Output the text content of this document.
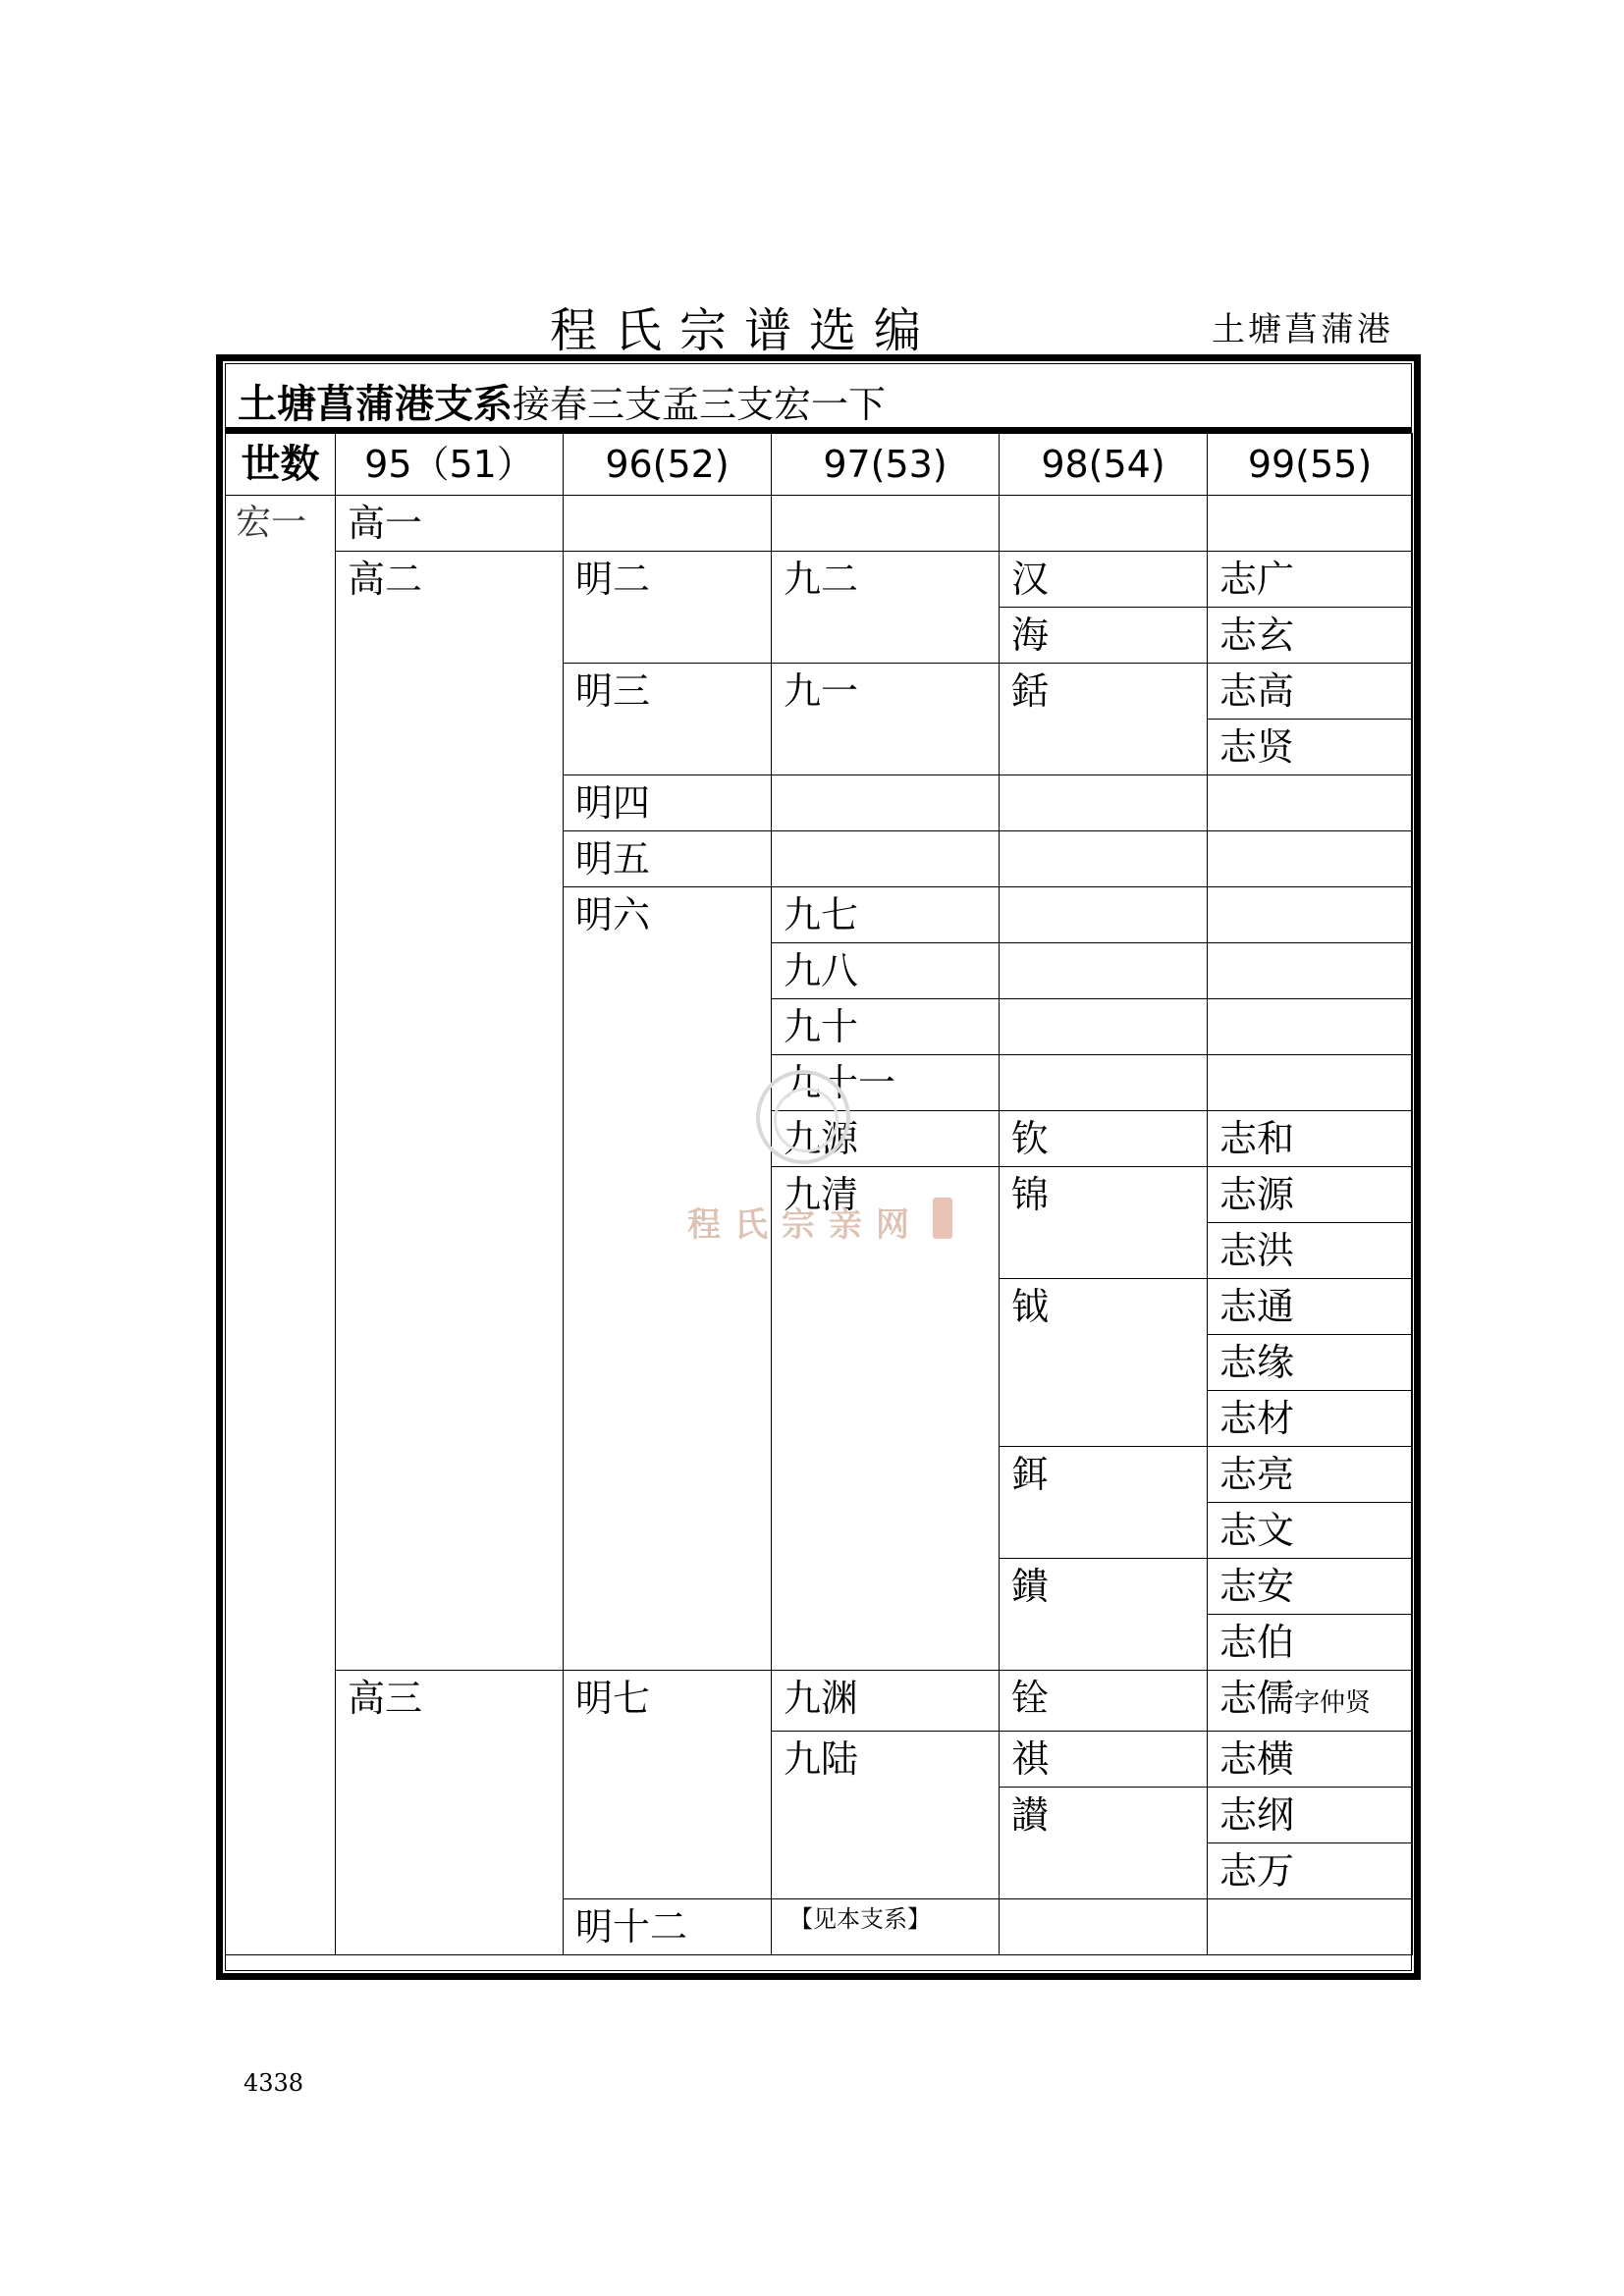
程氏宗谱选编	土塘菖蒲港
土塘菖蒲港支系接春三支孟三支宏一下
世数	95（51）	96(52)	97(53)	98(54)	99(55)
宏一	高一				
	高二	明二	九二	汉	志广
				海	志玄
		明三	九一	銛	志高
					志贤
		明四			
		明五			
		明六	九七		
			九八		
			九十		
			九十一		
			九源	钦	志和
			九清	锦	志源
					志洪
				钺	志通
					志缘
					志材
				鉺	志亮
					志文
				鐀	志安
					志伯
	高三	明七	九渊	铨	志儒字仲贤
			九陆	祺	志横
				讃	志纲
					志万
		明十二	【见本支系】		
程氏宗亲网
4338
